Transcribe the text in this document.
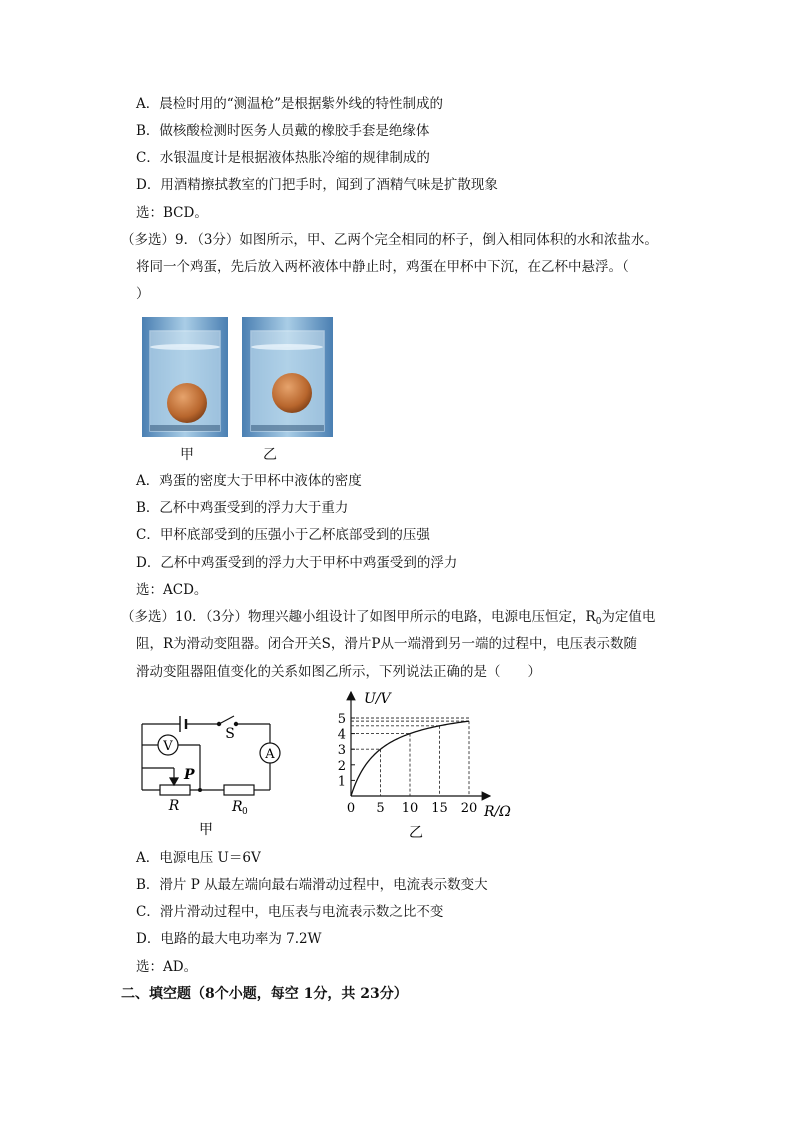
A．晨检时用的“测温枪”是根据紫外线的特性制成的
B．做核酸检测时医务人员戴的橡胶手套是绝缘体
C．水银温度计是根据液体热胀冷缩的规律制成的
D．用酒精擦拭教室的门把手时，闻到了酒精气味是扩散现象
选：BCD。
（多选）9．（3分）如图所示，甲、乙两个完全相同的杯子，倒入相同体积的水和浓盐水。
将同一个鸡蛋，先后放入两杯液体中静止时，鸡蛋在甲杯中下沉，在乙杯中悬浮。（
）
甲	乙
A．鸡蛋的密度大于甲杯中液体的密度
B．乙杯中鸡蛋受到的浮力大于重力
C．甲杯底部受到的压强小于乙杯底部受到的压强
D．乙杯中鸡蛋受到的浮力大于甲杯中鸡蛋受到的浮力
选：ACD。
（多选）10．（3分）物理兴趣小组设计了如图甲所示的电路，电源电压恒定，$R_0$为定值电
阻，R为滑动变阻器。闭合开关S，滑片P从一端滑到另一端的过程中，电压表示数随
滑动变阻器阻值变化的关系如图乙所示，下列说法正确的是（　　）
V
A
S
P
R	R 0
甲
1
2
3
4
5
5 10 15 20
U/V
R/Ω
0
乙
A．电源电压 U＝6V
B．滑片 P 从最左端向最右端滑动过程中，电流表示数变大
C．滑片滑动过程中，电压表与电流表示数之比不变
D．电路的最大电功率为 7.2W
选：AD。
二、填空题（8个小题，每空 1分，共 23分）
